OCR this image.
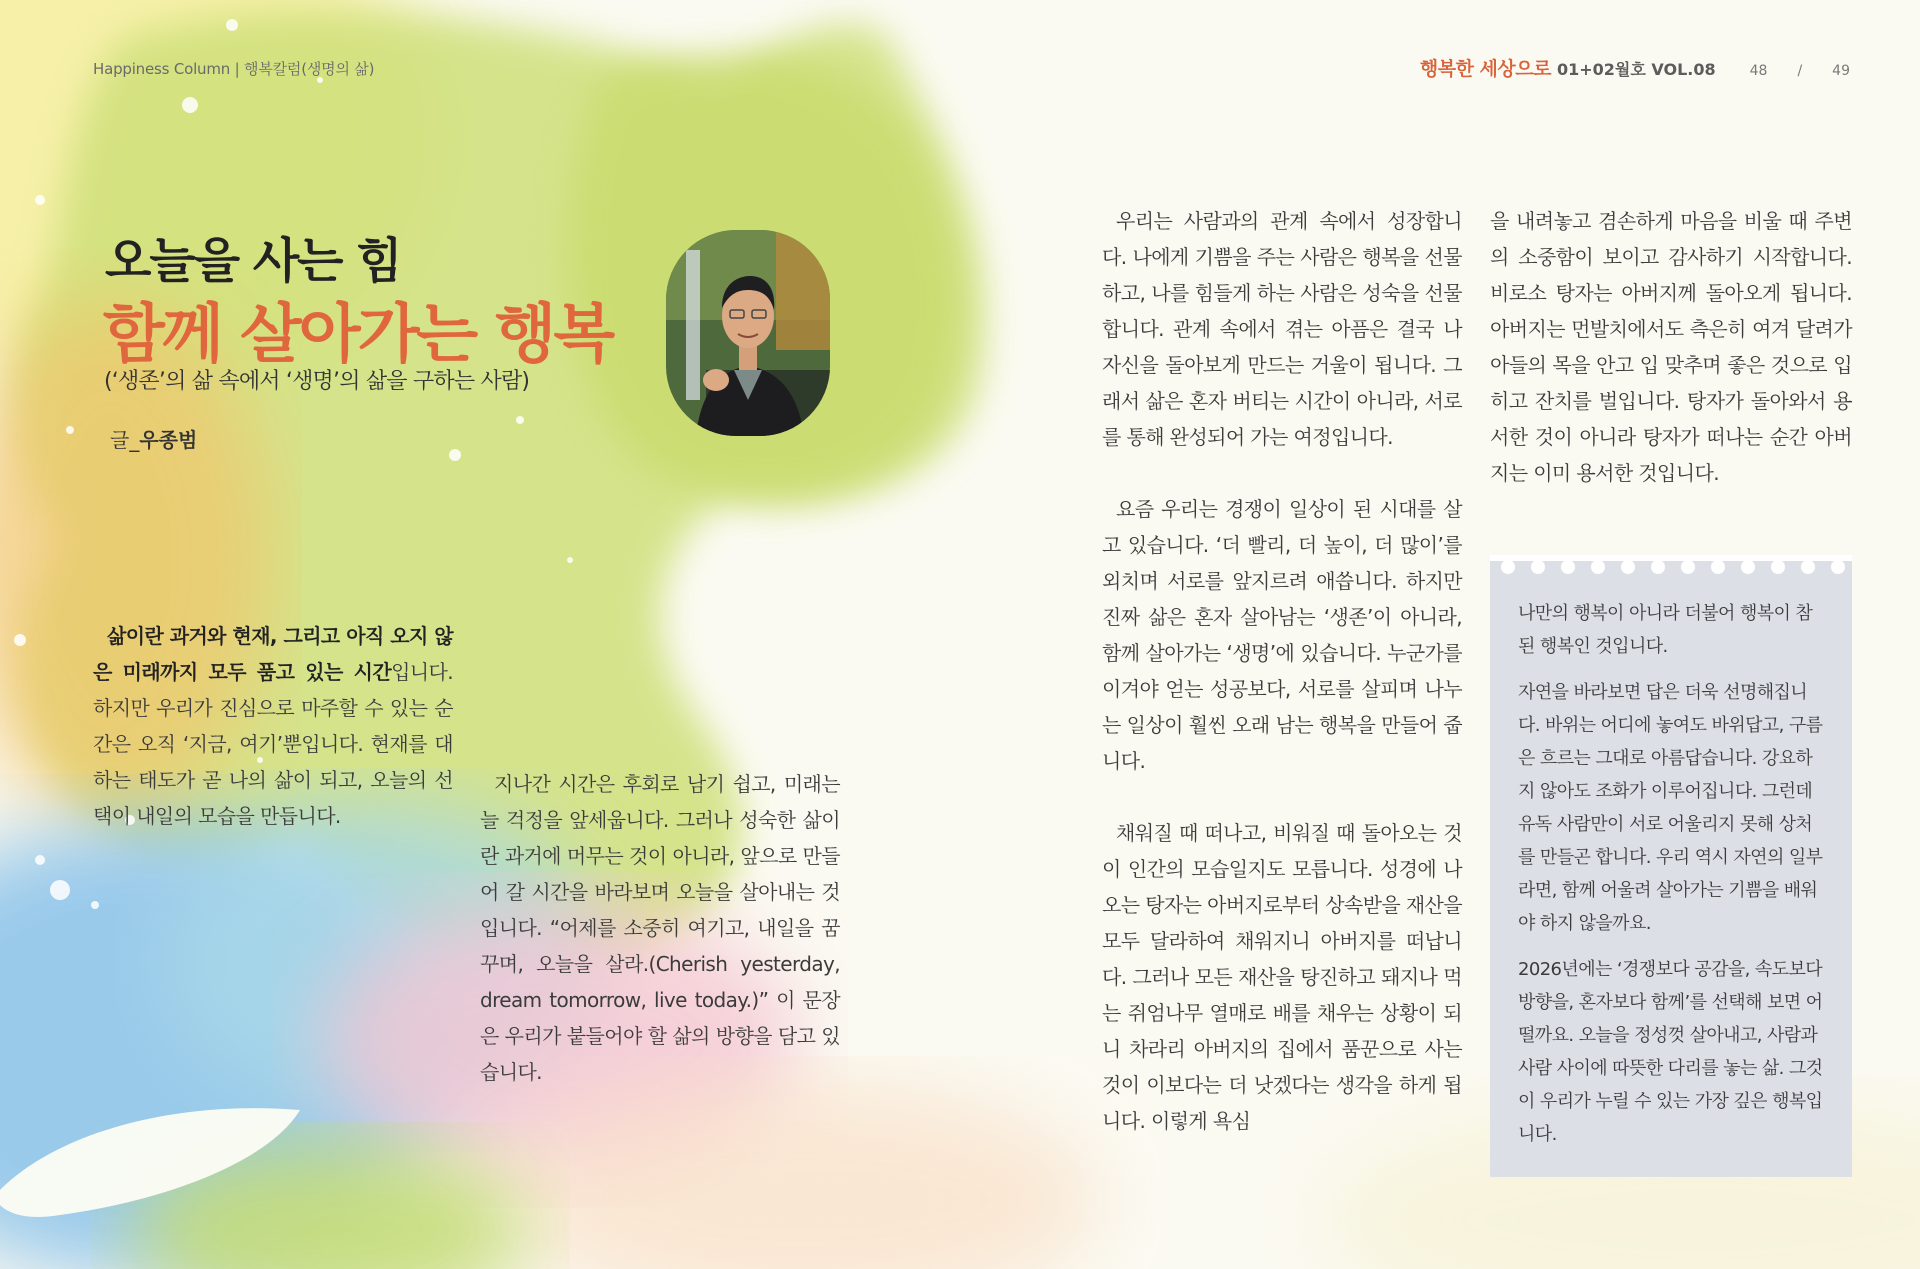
Happiness Column | 행복칼럼(생명의 삶)	행복한 세상으로 01+02월호 VOL.08 48 / 49
오늘을 사는 힘
함께 살아가는 행복
(‘생존’의 삶 속에서 ‘생명’의 삶을 구하는 사람)
글_우종범

삶이란 과거와 현재, 그리고 아직 오지 않은 미래까지 모두 품고 있는 시간입니다. 하지만 우리가 진심으로 마주할 수 있는 순간은 오직 ‘지금, 여기’뿐입니다. 현재를 대하는 태도가 곧 나의 삶이 되고, 오늘의 선택이 내일의 모습을 만듭니다.

지나간 시간은 후회로 남기 쉽고, 미래는 늘 걱정을 앞세웁니다. 그러나 성숙한 삶이란 과거에 머무는 것이 아니라, 앞으로 만들어 갈 시간을 바라보며 오늘을 살아내는 것입니다. “어제를 소중히 여기고, 내일을 꿈꾸며, 오늘을 살라.(Cherish yesterday, dream tomorrow, live today.)” 이 문장은 우리가 붙들어야 할 삶의 방향을 담고 있습니다.

우리는 사람과의 관계 속에서 성장합니다. 나에게 기쁨을 주는 사람은 행복을 선물하고, 나를 힘들게 하는 사람은 성숙을 선물합니다. 관계 속에서 겪는 아픔은 결국 나 자신을 돌아보게 만드는 거울이 됩니다. 그래서 삶은 혼자 버티는 시간이 아니라, 서로를 통해 완성되어 가는 여정입니다.

요즘 우리는 경쟁이 일상이 된 시대를 살고 있습니다. ‘더 빨리, 더 높이, 더 많이’를 외치며 서로를 앞지르려 애씁니다. 하지만 진짜 삶은 혼자 살아남는 ‘생존’이 아니라, 함께 살아가는 ‘생명’에 있습니다. 누군가를 이겨야 얻는 성공보다, 서로를 살피며 나누는 일상이 훨씬 오래 남는 행복을 만들어 줍니다.

채워질 때 떠나고, 비워질 때 돌아오는 것이 인간의 모습일지도 모릅니다. 성경에 나오는 탕자는 아버지로부터 상속받을 재산을 모두 달라하여 채워지니 아버지를 떠납니다. 그러나 모든 재산을 탕진하고 돼지나 먹는 쥐엄나무 열매로 배를 채우는 상황이 되니 차라리 아버지의 집에서 품꾼으로 사는 것이 이보다는 더 낫겠다는 생각을 하게 됩니다. 이렇게 욕심

을 내려놓고 겸손하게 마음을 비울 때 주변의 소중함이 보이고 감사하기 시작합니다. 비로소 탕자는 아버지께 돌아오게 됩니다. 아버지는 먼발치에서도 측은히 여겨 달려가 아들의 목을 안고 입 맞추며 좋은 것으로 입히고 잔치를 벌입니다. 탕자가 돌아와서 용서한 것이 아니라 탕자가 떠나는 순간 아버지는 이미 용서한 것입니다.

나만의 행복이 아니라 더불어 행복이 참된 행복인 것입니다.

자연을 바라보면 답은 더욱 선명해집니다. 바위는 어디에 놓여도 바위답고, 구름은 흐르는 그대로 아름답습니다. 강요하지 않아도 조화가 이루어집니다. 그런데 유독 사람만이 서로 어울리지 못해 상처를 만들곤 합니다. 우리 역시 자연의 일부라면, 함께 어울려 살아가는 기쁨을 배워야 하지 않을까요.

2026년에는 ‘경쟁보다 공감을, 속도보다 방향을, 혼자보다 함께’를 선택해 보면 어떨까요. 오늘을 정성껏 살아내고, 사람과 사람 사이에 따뜻한 다리를 놓는 삶. 그것이 우리가 누릴 수 있는 가장 깊은 행복입니다.
